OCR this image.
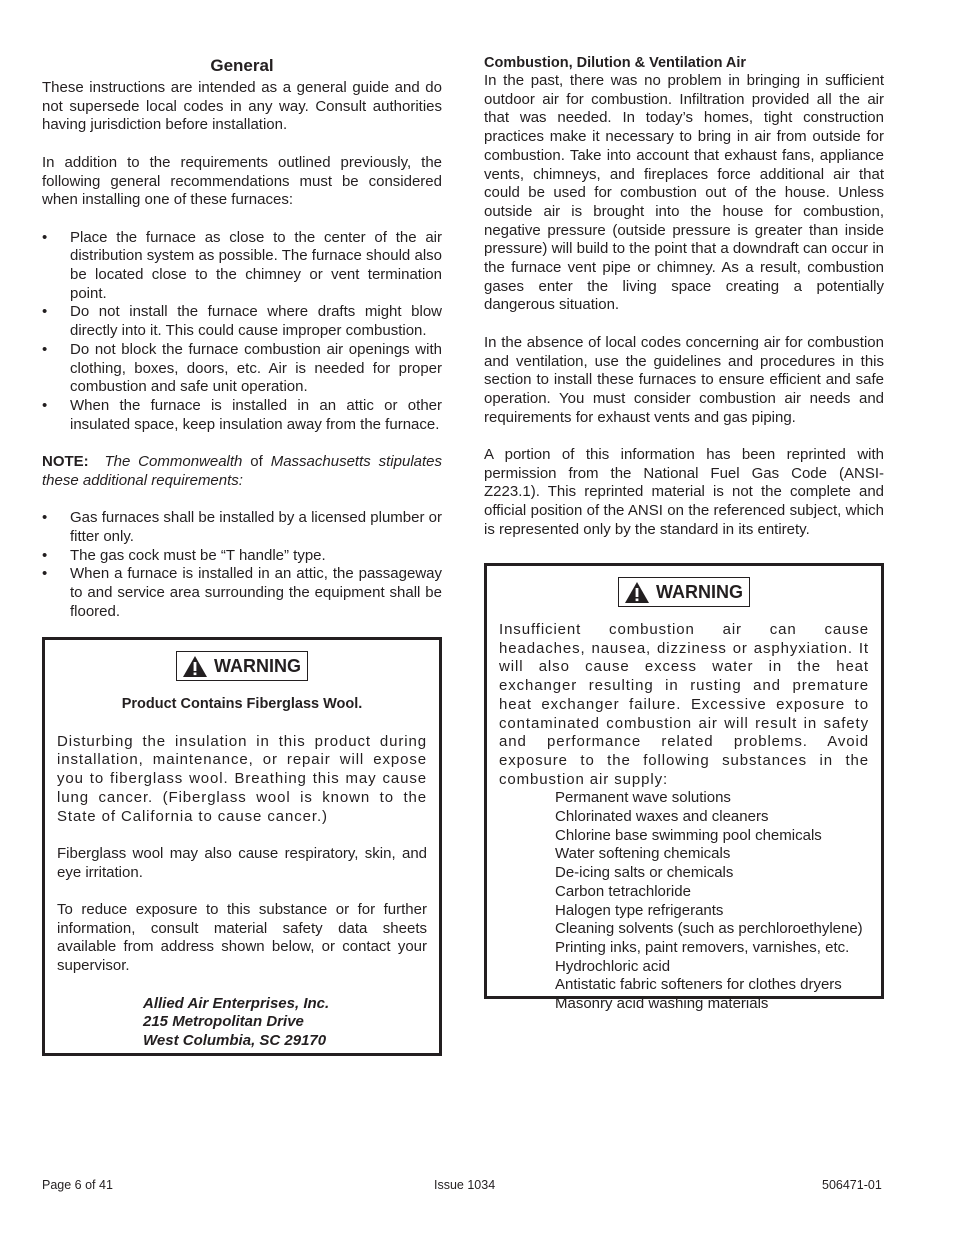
General

These instructions are intended as a general guide and do not supersede local codes in any way. Consult authorities having jurisdiction before installation.

In addition to the requirements outlined previously, the following general recommendations must be considered when installing one of these furnaces:

• Place the furnace as close to the center of the air distribution system as possible. The furnace should also be located close to the chimney or vent termination point.
• Do not install the furnace where drafts might blow directly into it. This could cause improper combustion.
• Do not block the furnace combustion air openings with clothing, boxes, doors, etc. Air is needed for proper combustion and safe unit operation.
• When the furnace is installed in an attic or other insulated space, keep insulation away from the furnace.

NOTE: The Commonwealth of Massachusetts stipulates these additional requirements:

• Gas furnaces shall be installed by a licensed plumber or fitter only.
• The gas cock must be “T handle” type.
• When a furnace is installed in an attic, the passageway to and service area surrounding the equipment shall be floored.
WARNING
Product Contains Fiberglass Wool.

Disturbing the insulation in this product during installation, maintenance, or repair will expose you to fiberglass wool. Breathing this may cause lung cancer. (Fiberglass wool is known to the State of California to cause cancer.)

Fiberglass wool may also cause respiratory, skin, and eye irritation.

To reduce exposure to this substance or for further information, consult material safety data sheets available from address shown below, or contact your supervisor.

Allied Air Enterprises, Inc.
215 Metropolitan Drive
West Columbia, SC 29170
Combustion, Dilution & Ventilation Air

In the past, there was no problem in bringing in sufficient outdoor air for combustion. Infiltration provided all the air that was needed. In today’s homes, tight construction practices make it necessary to bring in air from outside for combustion. Take into account that exhaust fans, appliance vents, chimneys, and fireplaces force additional air that could be used for combustion out of the house. Unless outside air is brought into the house for combustion, negative pressure (outside pressure is greater than inside pressure) will build to the point that a downdraft can occur in the furnace vent pipe or chimney. As a result, combustion gases enter the living space creating a potentially dangerous situation.

In the absence of local codes concerning air for combustion and ventilation, use the guidelines and procedures in this section to install these furnaces to ensure efficient and safe operation. You must consider combustion air needs and requirements for exhaust vents and gas piping.

A portion of this information has been reprinted with permission from the National Fuel Gas Code (ANSI-Z223.1). This reprinted material is not the complete and official position of the ANSI on the referenced subject, which is represented only by the standard in its entirety.

WARNING

Insufficient combustion air can cause headaches, nausea, dizziness or asphyxiation. It will also cause excess water in the heat exchanger resulting in rusting and premature heat exchanger failure. Excessive exposure to contaminated combustion air will result in safety and performance related problems. Avoid exposure to the following substances in the combustion air supply:

Permanent wave solutions
Chlorinated waxes and cleaners
Chlorine base swimming pool chemicals
Water softening chemicals
De-icing salts or chemicals
Carbon tetrachloride
Halogen type refrigerants
Cleaning solvents (such as perchloroethylene)
Printing inks, paint removers, varnishes, etc.
Hydrochloric acid
Antistatic fabric softeners for clothes dryers
Masonry acid washing materials
Page 6 of 41	Issue 1034	506471-01
